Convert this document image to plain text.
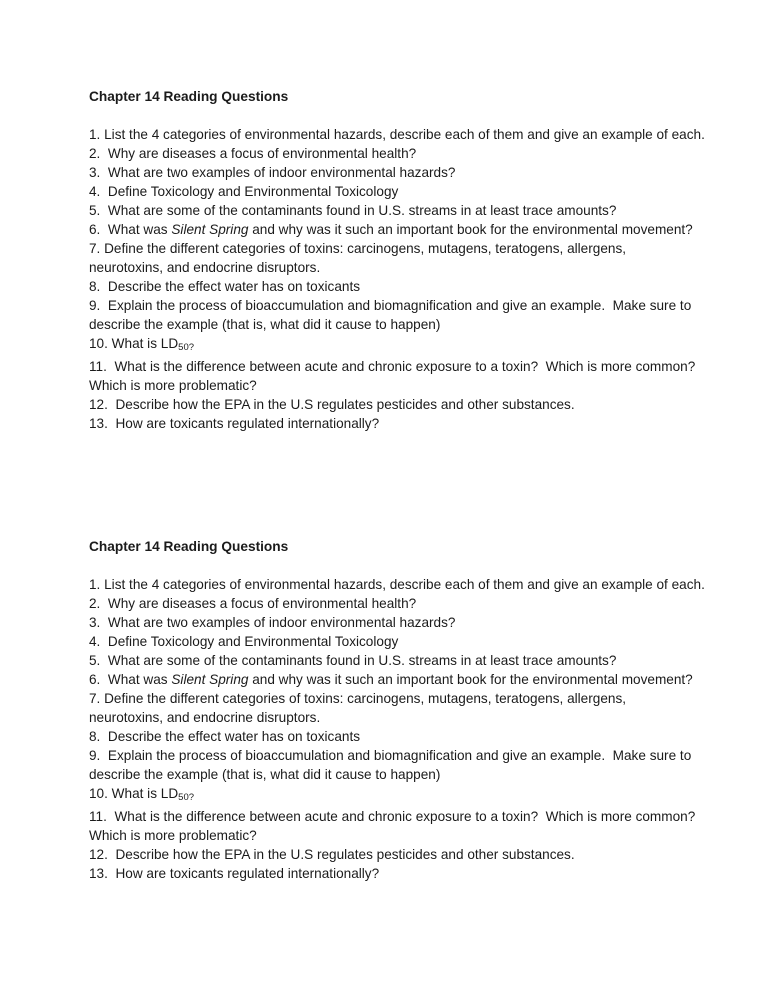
Chapter 14 Reading Questions
1. List the 4 categories of environmental hazards, describe each of them and give an example of each.
2.  Why are diseases a focus of environmental health?
3.  What are two examples of indoor environmental hazards?
4.  Define Toxicology and Environmental Toxicology
5.  What are some of the contaminants found in U.S. streams in at least trace amounts?
6.  What was Silent Spring and why was it such an important book for the environmental movement?
7. Define the different categories of toxins: carcinogens, mutagens, teratogens, allergens,
neurotoxins, and endocrine disruptors.
8.  Describe the effect water has on toxicants
9.  Explain the process of bioaccumulation and biomagnification and give an example.  Make sure to
describe the example (that is, what did it cause to happen)
10. What is LD50?
11.  What is the difference between acute and chronic exposure to a toxin?  Which is more common?
Which is more problematic?
12.  Describe how the EPA in the U.S regulates pesticides and other substances.
13.  How are toxicants regulated internationally?
Chapter 14 Reading Questions
1. List the 4 categories of environmental hazards, describe each of them and give an example of each.
2.  Why are diseases a focus of environmental health?
3.  What are two examples of indoor environmental hazards?
4.  Define Toxicology and Environmental Toxicology
5.  What are some of the contaminants found in U.S. streams in at least trace amounts?
6.  What was Silent Spring and why was it such an important book for the environmental movement?
7. Define the different categories of toxins: carcinogens, mutagens, teratogens, allergens,
neurotoxins, and endocrine disruptors.
8.  Describe the effect water has on toxicants
9.  Explain the process of bioaccumulation and biomagnification and give an example.  Make sure to
describe the example (that is, what did it cause to happen)
10. What is LD50?
11.  What is the difference between acute and chronic exposure to a toxin?  Which is more common?
Which is more problematic?
12.  Describe how the EPA in the U.S regulates pesticides and other substances.
13.  How are toxicants regulated internationally?
